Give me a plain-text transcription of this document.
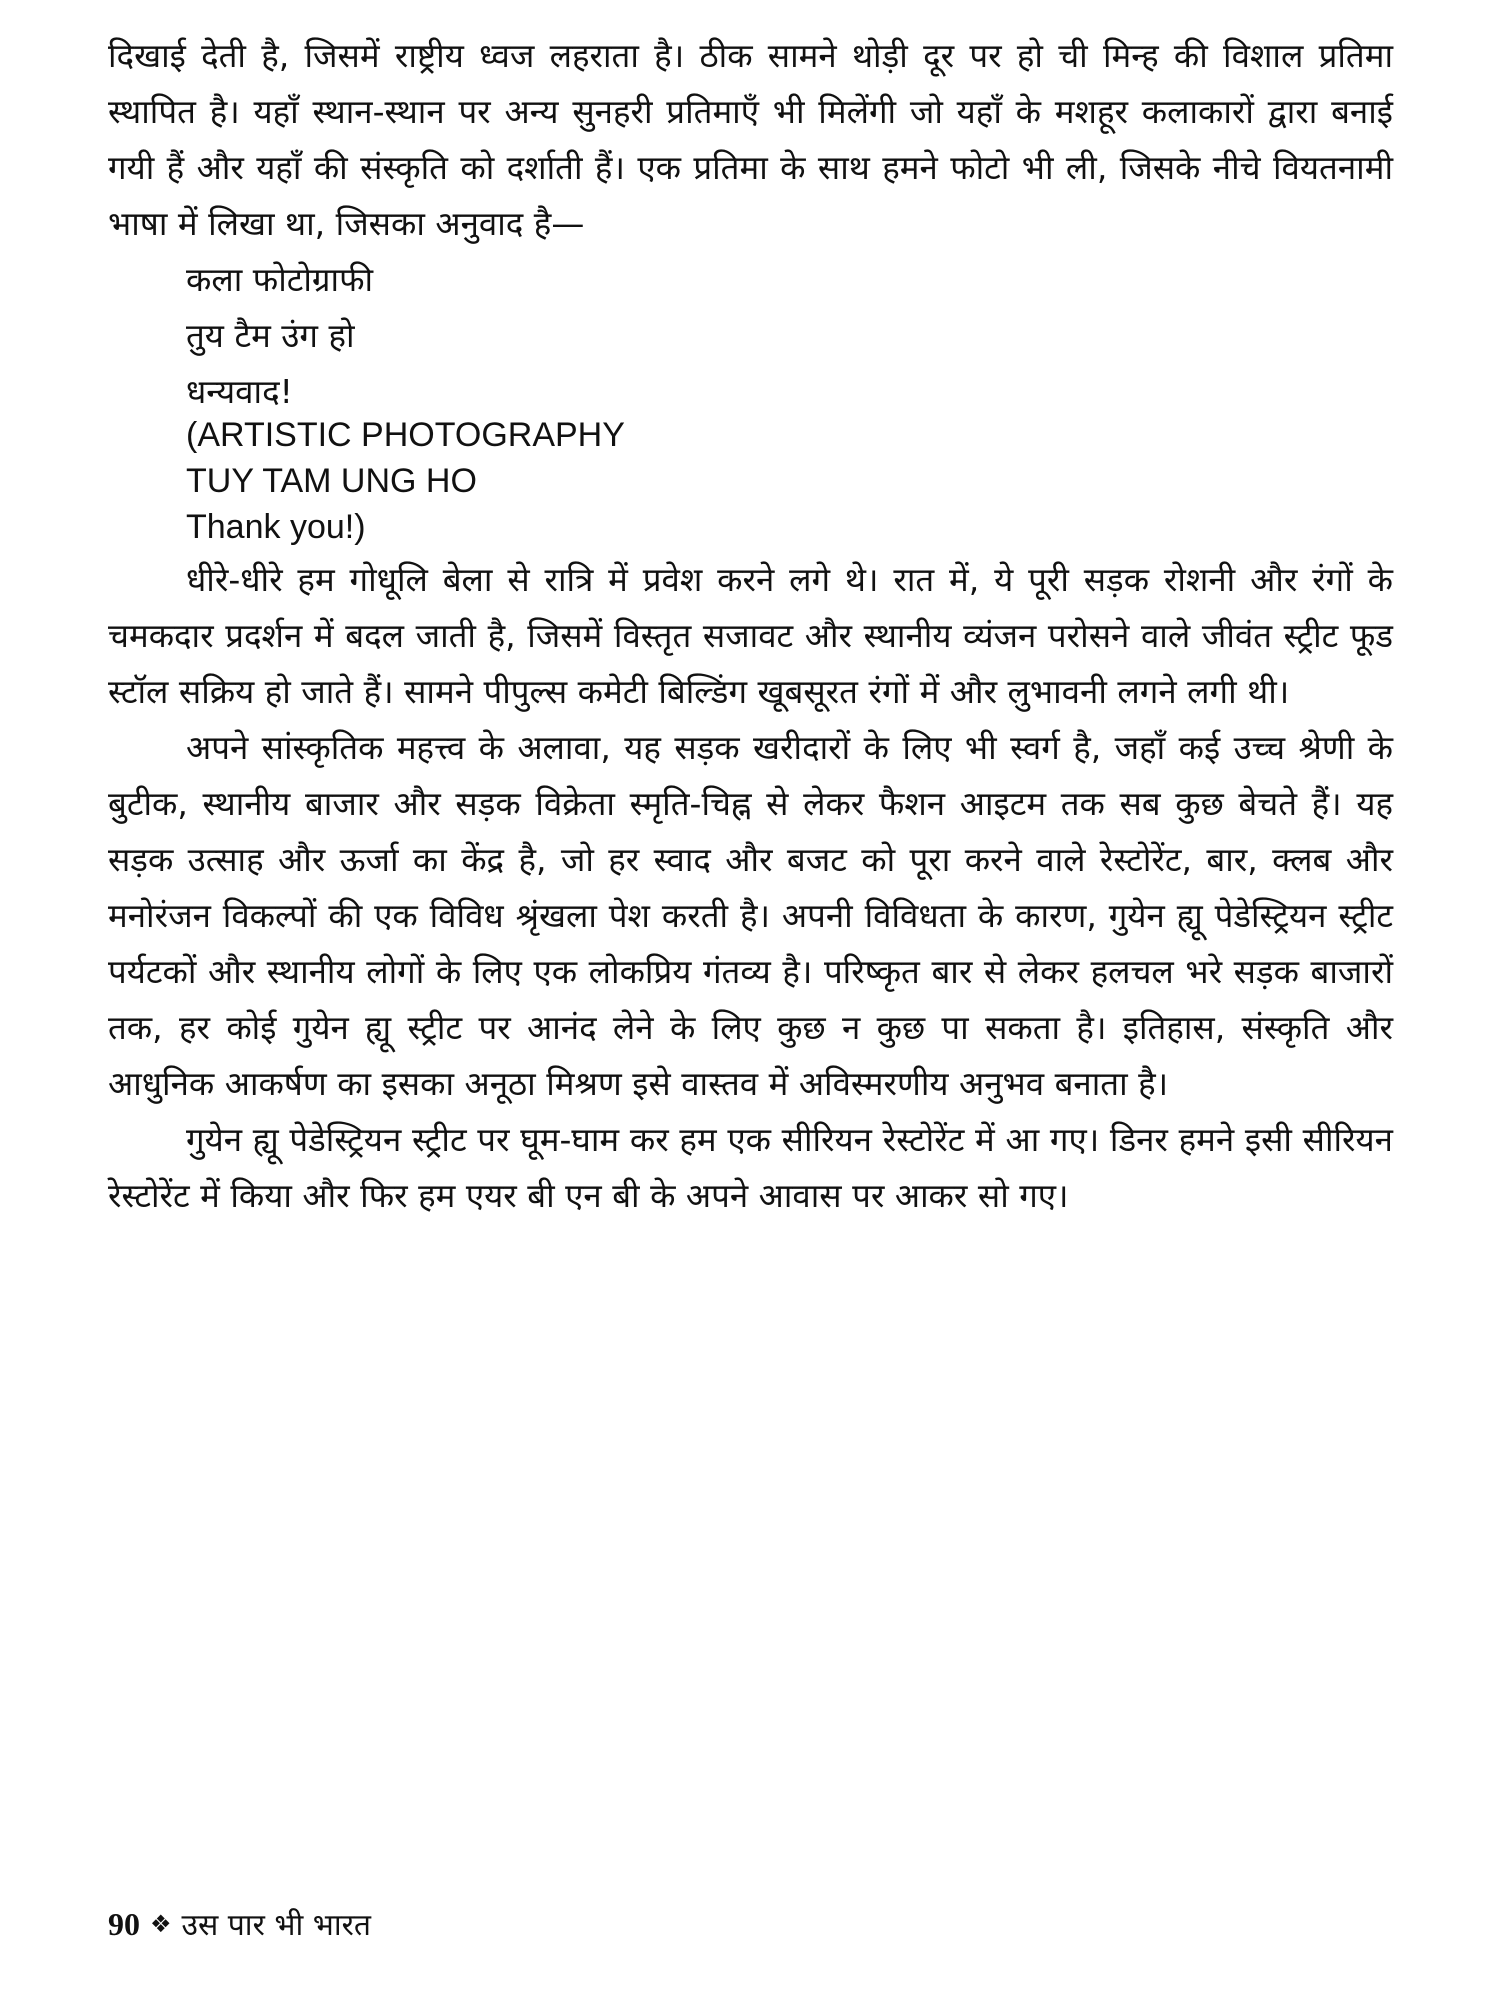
दिखाई देती है, जिसमें राष्ट्रीय ध्वज लहराता है। ठीक सामने थोड़ी दूर पर हो ची मिन्ह की विशाल प्रतिमा स्थापित है। यहाँ स्थान-स्थान पर अन्य सुनहरी प्रतिमाएँ भी मिलेंगी जो यहाँ के मशहूर कलाकारों द्वारा बनाई गयी हैं और यहाँ की संस्कृति को दर्शाती हैं। एक प्रतिमा के साथ हमने फोटो भी ली, जिसके नीचे वियतनामी भाषा में लिखा था, जिसका अनुवाद है—

कला फोटोग्राफी
तुय टैम उंग हो
धन्यवाद!
(ARTISTIC PHOTOGRAPHY
TUY TAM UNG HO
Thank you!)

धीरे-धीरे हम गोधूलि बेला से रात्रि में प्रवेश करने लगे थे। रात में, ये पूरी सड़क रोशनी और रंगों के चमकदार प्रदर्शन में बदल जाती है, जिसमें विस्तृत सजावट और स्थानीय व्यंजन परोसने वाले जीवंत स्ट्रीट फूड स्टॉल सक्रिय हो जाते हैं। सामने पीपुल्स कमेटी बिल्डिंग खूबसूरत रंगों में और लुभावनी लगने लगी थी।

अपने सांस्कृतिक महत्त्व के अलावा, यह सड़क खरीदारों के लिए भी स्वर्ग है, जहाँ कई उच्च श्रेणी के बुटीक, स्थानीय बाजार और सड़क विक्रेता स्मृति-चिह्न से लेकर फैशन आइटम तक सब कुछ बेचते हैं। यह सड़क उत्साह और ऊर्जा का केंद्र है, जो हर स्वाद और बजट को पूरा करने वाले रेस्टोरेंट, बार, क्लब और मनोरंजन विकल्पों की एक विविध श्रृंखला पेश करती है। अपनी विविधता के कारण, गुयेन ह्यू पेडेस्ट्रियन स्ट्रीट पर्यटकों और स्थानीय लोगों के लिए एक लोकप्रिय गंतव्य है। परिष्कृत बार से लेकर हलचल भरे सड़क बाजारों तक, हर कोई गुयेन ह्यू स्ट्रीट पर आनंद लेने के लिए कुछ न कुछ पा सकता है। इतिहास, संस्कृति और आधुनिक आकर्षण का इसका अनूठा मिश्रण इसे वास्तव में अविस्मरणीय अनुभव बनाता है।

गुयेन ह्यू पेडेस्ट्रियन स्ट्रीट पर घूम-घाम कर हम एक सीरियन रेस्टोरेंट में आ गए। डिनर हमने इसी सीरियन रेस्टोरेंट में किया और फिर हम एयर बी एन बी के अपने आवास पर आकर सो गए।

90 ❖ उस पार भी भारत
